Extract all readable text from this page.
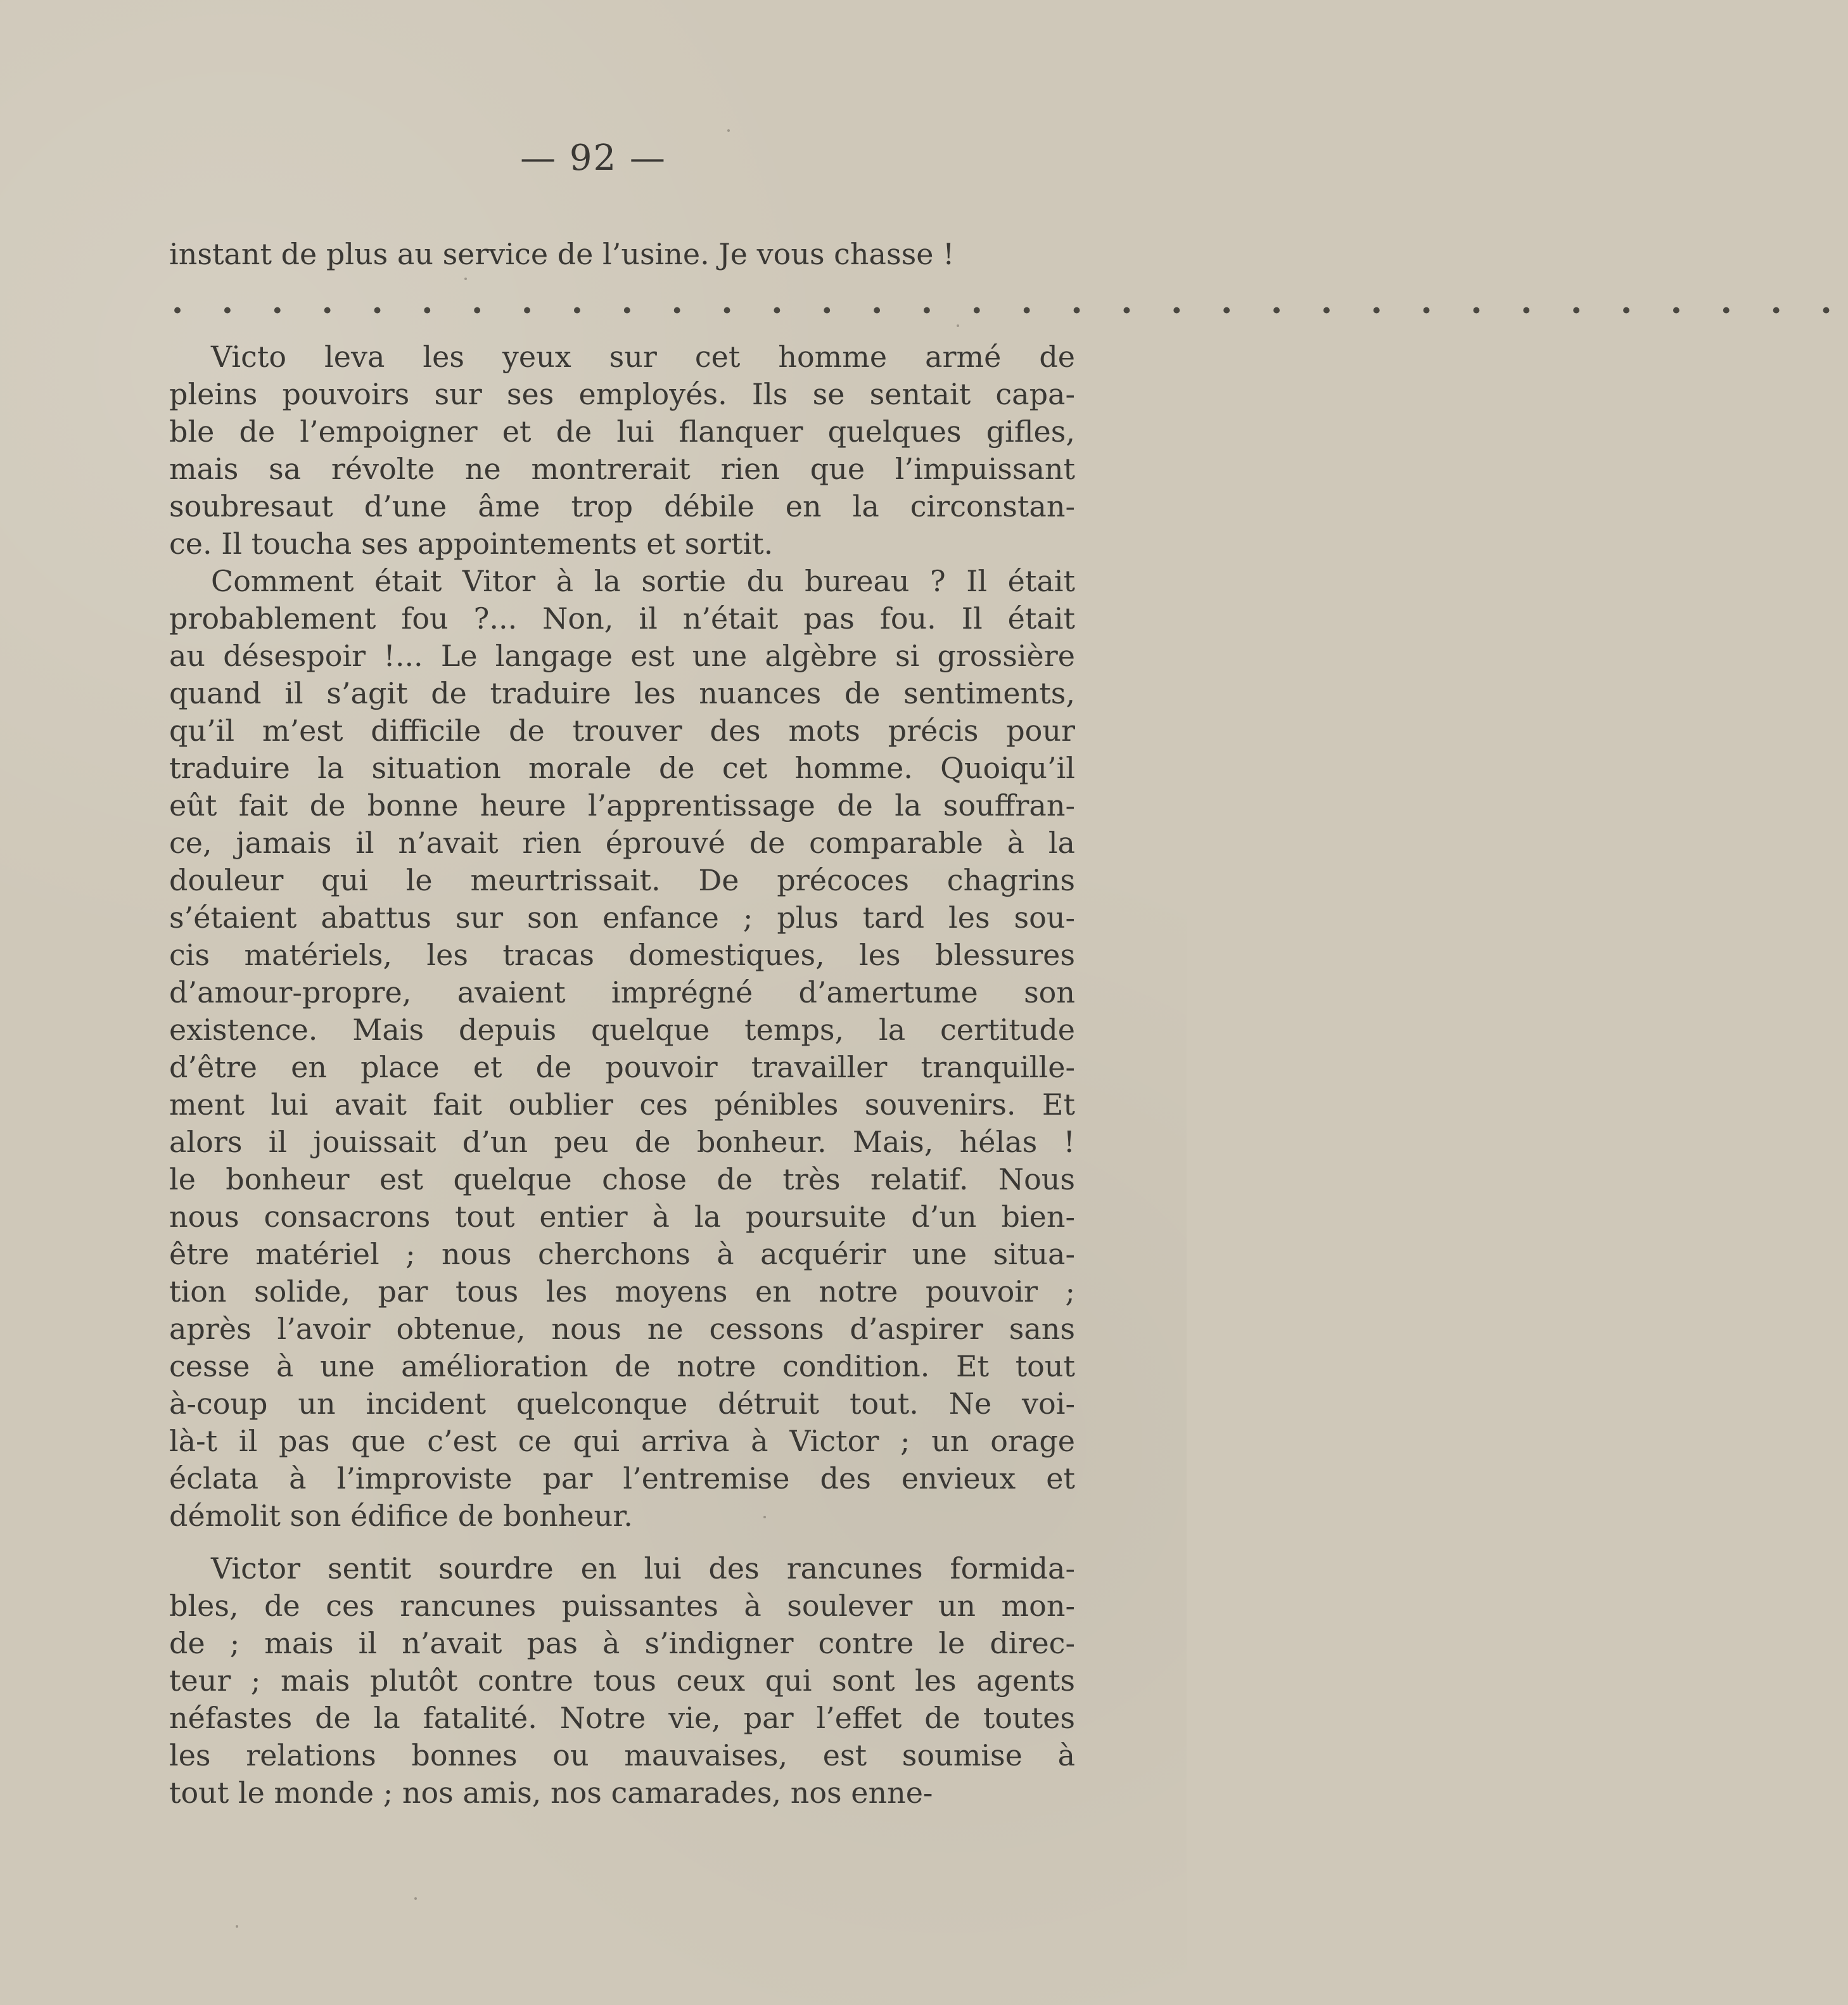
— 92 —
instant de plus au service de l’usine. Je vous chasse !
• • • • • • • • • • • • • • • • • • • • • • • • • • • • • • • • • •
Victo leva les yeux sur cet homme armé de
pleins pouvoirs sur ses employés. Ils se sentait capa-
ble de l’empoigner et de lui flanquer quelques gifles,
mais sa révolte ne montrerait rien que l’impuissant
soubresaut d’une âme trop débile en la circonstan-
ce. Il toucha ses appointements et sortit.
Comment était Vitor à la sortie du bureau ? Il était
probablement fou ?... Non, il n’était pas fou. Il était
au désespoir !... Le langage est une algèbre si grossière
quand il s’agit de traduire les nuances de sentiments,
qu’il m’est difficile de trouver des mots précis pour
traduire la situation morale de cet homme. Quoiqu’il
eût fait de bonne heure l’apprentissage de la souffran-
ce, jamais il n’avait rien éprouvé de comparable à la
douleur qui le meurtrissait. De précoces chagrins
s’étaient abattus sur son enfance ; plus tard les sou-
cis matériels, les tracas domestiques, les blessures
d’amour-propre, avaient imprégné d’amertume son
existence. Mais depuis quelque temps, la certitude
d’être en place et de pouvoir travailler tranquille-
ment lui avait fait oublier ces pénibles souvenirs. Et
alors il jouissait d’un peu de bonheur. Mais, hélas !
le bonheur est quelque chose de très relatif. Nous
nous consacrons tout entier à la poursuite d’un bien-
être matériel ; nous cherchons à acquérir une situa-
tion solide, par tous les moyens en notre pouvoir ;
après l’avoir obtenue, nous ne cessons d’aspirer sans
cesse à une amélioration de notre condition. Et tout
à-coup un incident quelconque détruit tout. Ne voi-
là-t il pas que c’est ce qui arriva à Victor ; un orage
éclata à l’improviste par l’entremise des envieux et
démolit son édifice de bonheur.
Victor sentit sourdre en lui des rancunes formida-
bles, de ces rancunes puissantes à soulever un mon-
de ; mais il n’avait pas à s’indigner contre le direc-
teur ; mais plutôt contre tous ceux qui sont les agents
néfastes de la fatalité. Notre vie, par l’effet de toutes
les relations bonnes ou mauvaises, est soumise à
tout le monde ; nos amis, nos camarades, nos enne-
